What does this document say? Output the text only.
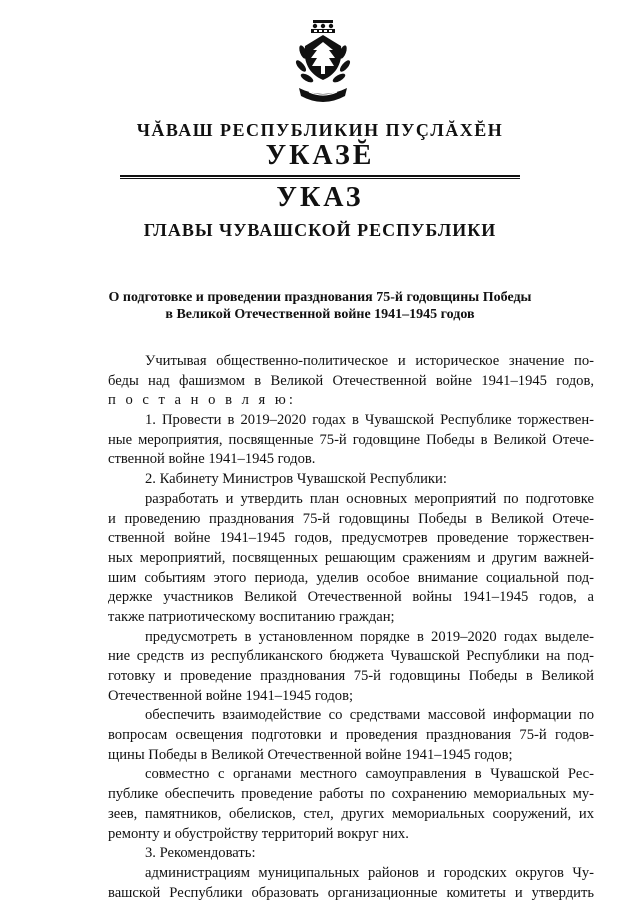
ЧĂВАШ РЕСПУБЛИКИН ПУÇЛĂХĔН
УКАЗĔ
УКАЗ
ГЛАВЫ ЧУВАШСКОЙ РЕСПУБЛИКИ
О подготовке и проведении празднования 75-й годовщины Победы
в Великой Отечественной войне 1941–1945 годов
Учитывая общественно-политическое и историческое значение по-
беды над фашизмом в Великой Отечественной войне 1941–1945 годов,
п о с т а н о в л я ю:
1. Провести в 2019–2020 годах в Чувашской Республике торжествен-
ные мероприятия, посвященные 75-й годовщине Победы в Великой Отече-
ственной войне 1941–1945 годов.
2. Кабинету Министров Чувашской Республики:
разработать и утвердить план основных мероприятий по подготовке
и проведению празднования 75-й годовщины Победы в Великой Отече-
ственной войне 1941–1945 годов, предусмотрев проведение торжествен-
ных мероприятий, посвященных решающим сражениям и другим важней-
шим событиям этого периода, уделив особое внимание социальной под-
держке участников Великой Отечественной войны 1941–1945 годов, а
также патриотическому воспитанию граждан;
предусмотреть в установленном порядке в 2019–2020 годах выделе-
ние средств из республиканского бюджета Чувашской Республики на под-
готовку и проведение празднования 75-й годовщины Победы в Великой
Отечественной войне 1941–1945 годов;
обеспечить взаимодействие со средствами массовой информации по
вопросам освещения подготовки и проведения празднования 75-й годов-
щины Победы в Великой Отечественной войне 1941–1945 годов;
совместно с органами местного самоуправления в Чувашской Рес-
публике обеспечить проведение работы по сохранению мемориальных му-
зеев, памятников, обелисков, стел, других мемориальных сооружений, их
ремонту и обустройству территорий вокруг них.
3. Рекомендовать:
администрациям муниципальных районов и городских округов Чу-
вашской Республики образовать организационные комитеты и утвердить
